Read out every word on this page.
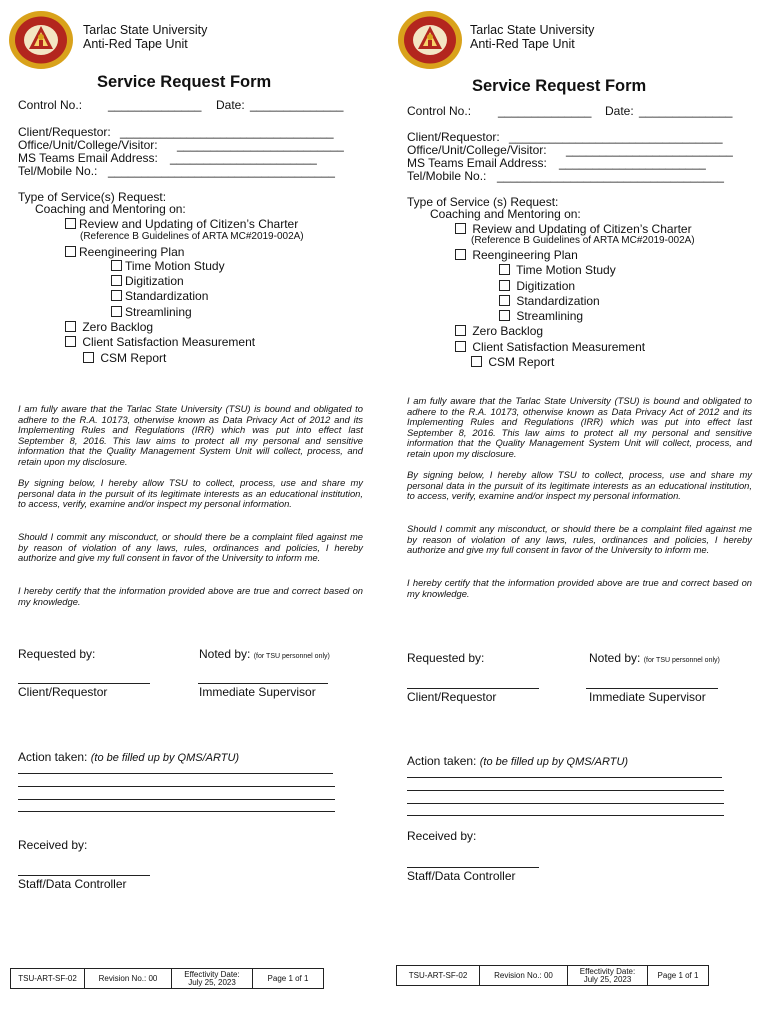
Tarlac State University
Anti-Red Tape Unit
Service Request Form
Control No.: ______________ Date: ______________
Client/Requestor: ________________________________
Office/Unit/College/Visitor: _________________________
MS Teams Email Address: ______________________
Tel/Mobile No.: __________________________________
Type of Service(s) Request:
Coaching and Mentoring on:
Review and Updating of Citizen’s Charter
(Reference B Guidelines of ARTA MC#2019-002A)
Reengineering Plan
Time Motion Study
Digitization
Standardization
Streamlining
Zero Backlog
Client Satisfaction Measurement
CSM Report
I am fully aware that the Tarlac State University (TSU) is bound and obligated to adhere to the R.A. 10173, otherwise known as Data Privacy Act of 2012 and its Implementing Rules and Regulations (IRR) which was put into effect last September 8, 2016. This law aims to protect all my personal and sensitive information that the Quality Management System Unit will collect, process, and retain upon my disclosure.
By signing below, I hereby allow TSU to collect, process, use and share my personal data in the pursuit of its legitimate interests as an educational institution, to access, verify, examine and/or inspect my personal information.
Should I commit any misconduct, or should there be a complaint filed against me by reason of violation of any laws, rules, ordinances and policies, I hereby authorize and give my full consent in favor of the University to inform me.
I hereby certify that the information provided above are true and correct based on my knowledge.
Requested by:	Noted by: (for TSU personnel only)
Client/Requestor	Immediate Supervisor
Action taken: (to be filled up by QMS/ARTU)
Received by:
Staff/Data Controller
TSU-ART-SF-02	Revision No.: 00	Effectivity Date:
July 25, 2023	Page 1 of 1
Tarlac State University
Anti-Red Tape Unit
Service Request Form
Control No.: ______________ Date: ______________
Client/Requestor: ________________________________
Office/Unit/College/Visitor: _________________________
MS Teams Email Address: ______________________
Tel/Mobile No.: __________________________________
Type of Service (s) Request:
Coaching and Mentoring on:
Review and Updating of Citizen’s Charter
(Reference B Guidelines of ARTA MC#2019-002A)
Reengineering Plan
Time Motion Study
Digitization
Standardization
Streamlining
Zero Backlog
Client Satisfaction Measurement
CSM Report
I am fully aware that the Tarlac State University (TSU) is bound and obligated to adhere to the R.A. 10173, otherwise known as Data Privacy Act of 2012 and its Implementing Rules and Regulations (IRR) which was put into effect last September 8, 2016. This law aims to protect all my personal and sensitive information that the Quality Management System Unit will collect, process, and retain upon my disclosure.
By signing below, I hereby allow TSU to collect, process, use and share my personal data in the pursuit of its legitimate interests as an educational institution, to access, verify, examine and/or inspect my personal information.
Should I commit any misconduct, or should there be a complaint filed against me by reason of violation of any laws, rules, ordinances and policies, I hereby authorize and give my full consent in favor of the University to inform me.
I hereby certify that the information provided above are true and correct based on my knowledge.
Requested by:	Noted by: (for TSU personnel only)
Client/Requestor	Immediate Supervisor
Action taken: (to be filled up by QMS/ARTU)
Received by:
Staff/Data Controller
TSU-ART-SF-02	Revision No.: 00	Effectivity Date:
July 25, 2023	Page 1 of 1
